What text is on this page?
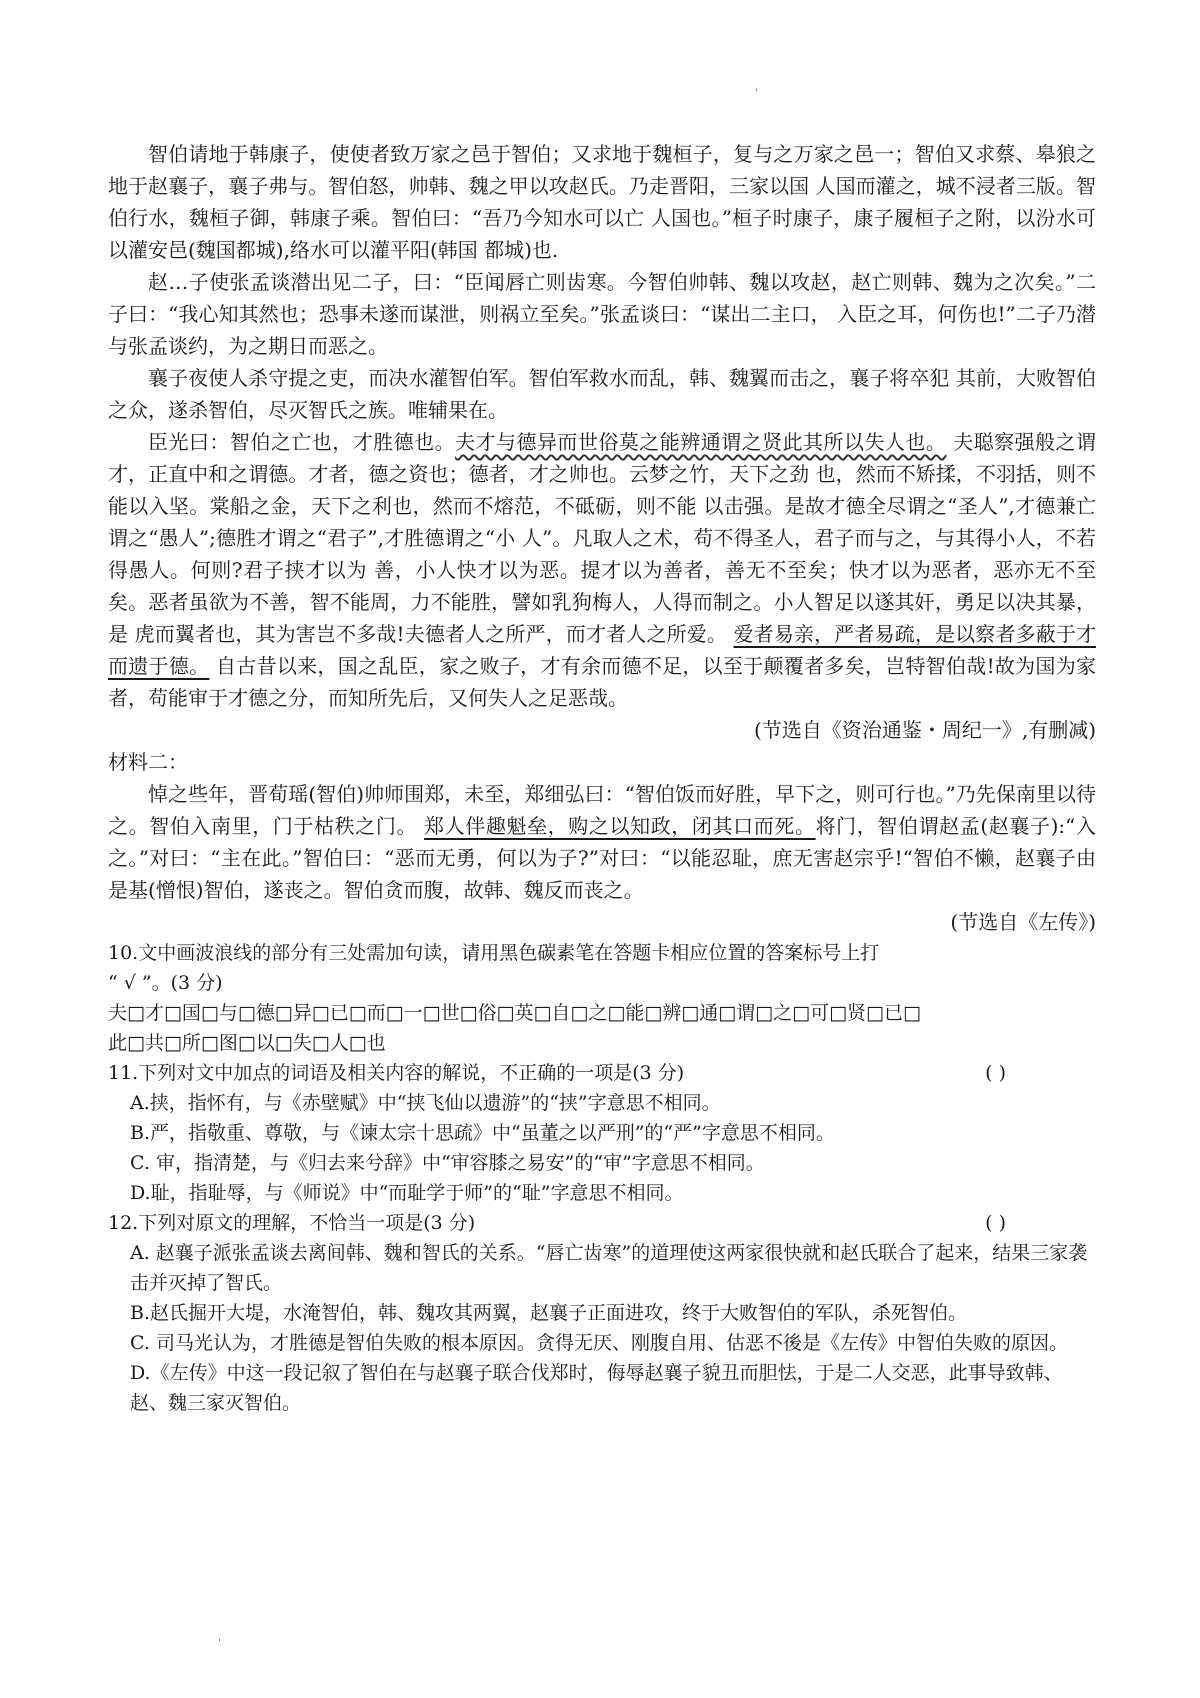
'

智伯请地于韩康子，使使者致万家之邑于智伯；又求地于魏桓子，复与之万家之邑一；智伯又求蔡、皋狼之地于赵襄子，襄子弗与。智伯怒，帅韩、魏之甲以攻赵氏。乃走晋阳，三家以国 人国而灌之，城不浸者三版。智伯行水，魏桓子御，韩康子乘。智伯曰：“吾乃今知水可以亡 人国也。”桓子时康子，康子履桓子之附，以汾水可以灌安邑(魏国都城),络水可以灌平阳(韩国 都城)也.

赵…子使张孟谈潜出见二子，曰：“臣闻唇亡则齿寒。今智伯帅韩、魏以攻赵，赵亡则韩、魏为之次矣。”二子曰：“我心知其然也；恐事未遂而谋泄，则祸立至矣。”张孟谈曰：“谋出二主口， 入臣之耳，何伤也!”二子乃潜与张孟谈约，为之期日而恶之。

襄子夜使人杀守提之吏，而决水灌智伯军。智伯军救水而乱，韩、魏翼而击之，襄子将卒犯 其前，大败智伯之众，遂杀智伯，尽灭智氏之族。唯辅果在。

臣光曰：智伯之亡也，才胜德也。夫才与德异而世俗莫之能辨通谓之贤此其所以失人也。 夫聪察强般之谓才，正直中和之谓德。才者，德之资也；德者，才之帅也。云梦之竹，天下之劲 也，然而不矫揉，不羽括，则不能以入坚。棠船之金，天下之利也，然而不熔范，不砥砺，则不能 以击强。是故才德全尽谓之“圣人”,才德兼亡谓之“愚人”;德胜才谓之“君子”,才胜德谓之“小 人”。凡取人之术，苟不得圣人，君子而与之，与其得小人，不若得愚人。何则?君子挟才以为 善，小人快才以为恶。提才以为善者，善无不至矣；快才以为恶者，恶亦无不至矣。恶者虽欲为不善，智不能周，力不能胜，譬如乳狗梅人，人得而制之。小人智足以遂其奸，勇足以决其暴，是 虎而翼者也，其为害岂不多哉!夫德者人之所严，而才者人之所爱。 爱者易亲，严者易疏，是以察者多蔽于才而遗于德。 自古昔以来，国之乱臣，家之败子，才有余而德不足，以至于颠覆者多矣，岂特智伯哉!故为国为家者，苟能审于才德之分，而知所先后，又何失人之足恶哉。

(节选自《资治通鉴・周纪一》,有删减)

材料二：

悼之些年，晋荀瑶(智伯)帅师围郑，未至，郑细弘曰：“智伯饭而好胜，早下之，则可行也。”乃先保南里以待之。智伯入南里，门于枯秩之门。 郑人伴趣魁垒，购之以知政，闭其口而死。将门，智伯谓赵孟(赵襄子):“入之。”对曰：“主在此。”智伯曰：“恶而无勇，何以为子?”对曰：“以能忍耻，庶无害赵宗乎!“智伯不懒，赵襄子由是基(憎恨)智伯，遂丧之。智伯贪而腹，故韩、魏反而丧之。

(节选自《左传》)

10.文中画波浪线的部分有三处需加句读，请用黑色碳素笔在答题卡相应位置的答案标号上打

“ √ ”。(3 分)

夫□才□国□与□德□异□已□而□一□世□俗□英□自□之□能□辨□通□谓□之□可□贤□已□

此□共□所□图□以□失□人□也

11.下列对文中加点的词语及相关内容的解说，不正确的一项是(3 分)	( )

A.挟，指怀有，与《赤壁赋》中“挟飞仙以遗游”的“挟”字意思不相同。

B.严，指敬重、尊敬，与《谏太宗十思疏》中“虽董之以严刑”的“严”字意思不相同。

C. 审，指清楚，与《归去来兮辞》中“审容膝之易安”的“审”字意思不相同。

D.耻，指耻辱，与《师说》中“而耻学于师”的“耻”字意思不相同。

12.下列对原文的理解，不恰当一项是(3 分)	( )

A. 赵襄子派张孟谈去离间韩、魏和智氏的关系。“唇亡齿寒”的道理使这两家很快就和赵氏联合了起来，结果三家袭击并灭掉了智氏。

B.赵氏掘开大堤，水淹智伯，韩、魏攻其两翼，赵襄子正面进攻，终于大败智伯的军队，杀死智伯。

C. 司马光认为，才胜德是智伯失败的根本原因。贪得无厌、刚腹自用、估恶不後是《左传》中智伯失败的原因。

D.《左传》中这一段记叙了智伯在与赵襄子联合伐郑时，侮辱赵襄子貌丑而胆怯，于是二人交恶，此事导致韩、赵、魏三家灭智伯。

'
